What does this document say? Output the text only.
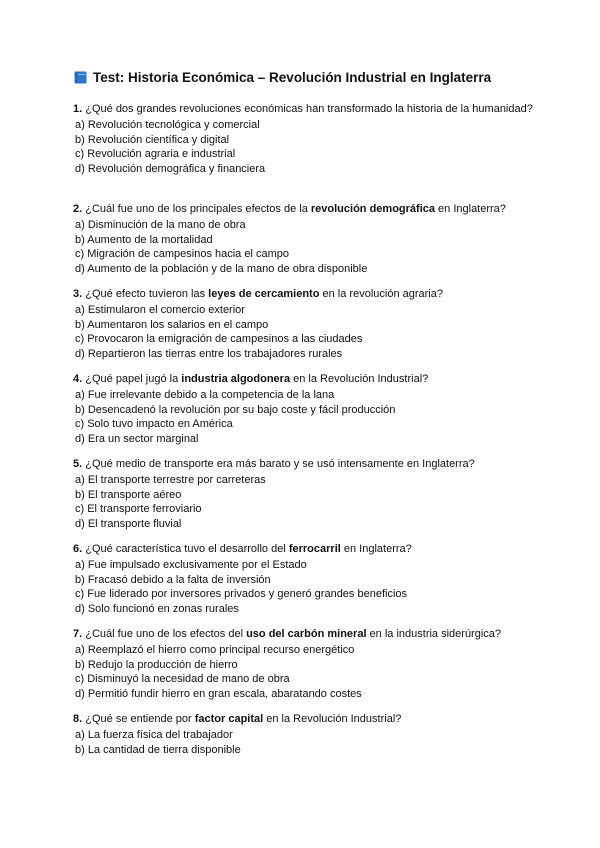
Test: Historia Económica – Revolución Industrial en Inglaterra
1. ¿Qué dos grandes revoluciones económicas han transformado la historia de la humanidad?
a) Revolución tecnológica y comercial
b) Revolución científica y digital
c) Revolución agraria e industrial
d) Revolución demográfica y financiera
2. ¿Cuál fue uno de los principales efectos de la revolución demográfica en Inglaterra?
a) Disminución de la mano de obra
b) Aumento de la mortalidad
c) Migración de campesinos hacia el campo
d) Aumento de la población y de la mano de obra disponible
3. ¿Qué efecto tuvieron las leyes de cercamiento en la revolución agraria?
a) Estimularon el comercio exterior
b) Aumentaron los salarios en el campo
c) Provocaron la emigración de campesinos a las ciudades
d) Repartieron las tierras entre los trabajadores rurales
4. ¿Qué papel jugó la industria algodonera en la Revolución Industrial?
a) Fue irrelevante debido a la competencia de la lana
b) Desencadenó la revolución por su bajo coste y fácil producción
c) Solo tuvo impacto en América
d) Era un sector marginal
5. ¿Qué medio de transporte era más barato y se usó intensamente en Inglaterra?
a) El transporte terrestre por carreteras
b) El transporte aéreo
c) El transporte ferroviario
d) El transporte fluvial
6. ¿Qué característica tuvo el desarrollo del ferrocarril en Inglaterra?
a) Fue impulsado exclusivamente por el Estado
b) Fracasó debido a la falta de inversión
c) Fue liderado por inversores privados y generó grandes beneficios
d) Solo funcionó en zonas rurales
7. ¿Cuál fue uno de los efectos del uso del carbón mineral en la industria siderúrgica?
a) Reemplazó el hierro como principal recurso energético
b) Redujo la producción de hierro
c) Disminuyó la necesidad de mano de obra
d) Permitió fundir hierro en gran escala, abaratando costes
8. ¿Qué se entiende por factor capital en la Revolución Industrial?
a) La fuerza física del trabajador
b) La cantidad de tierra disponible
